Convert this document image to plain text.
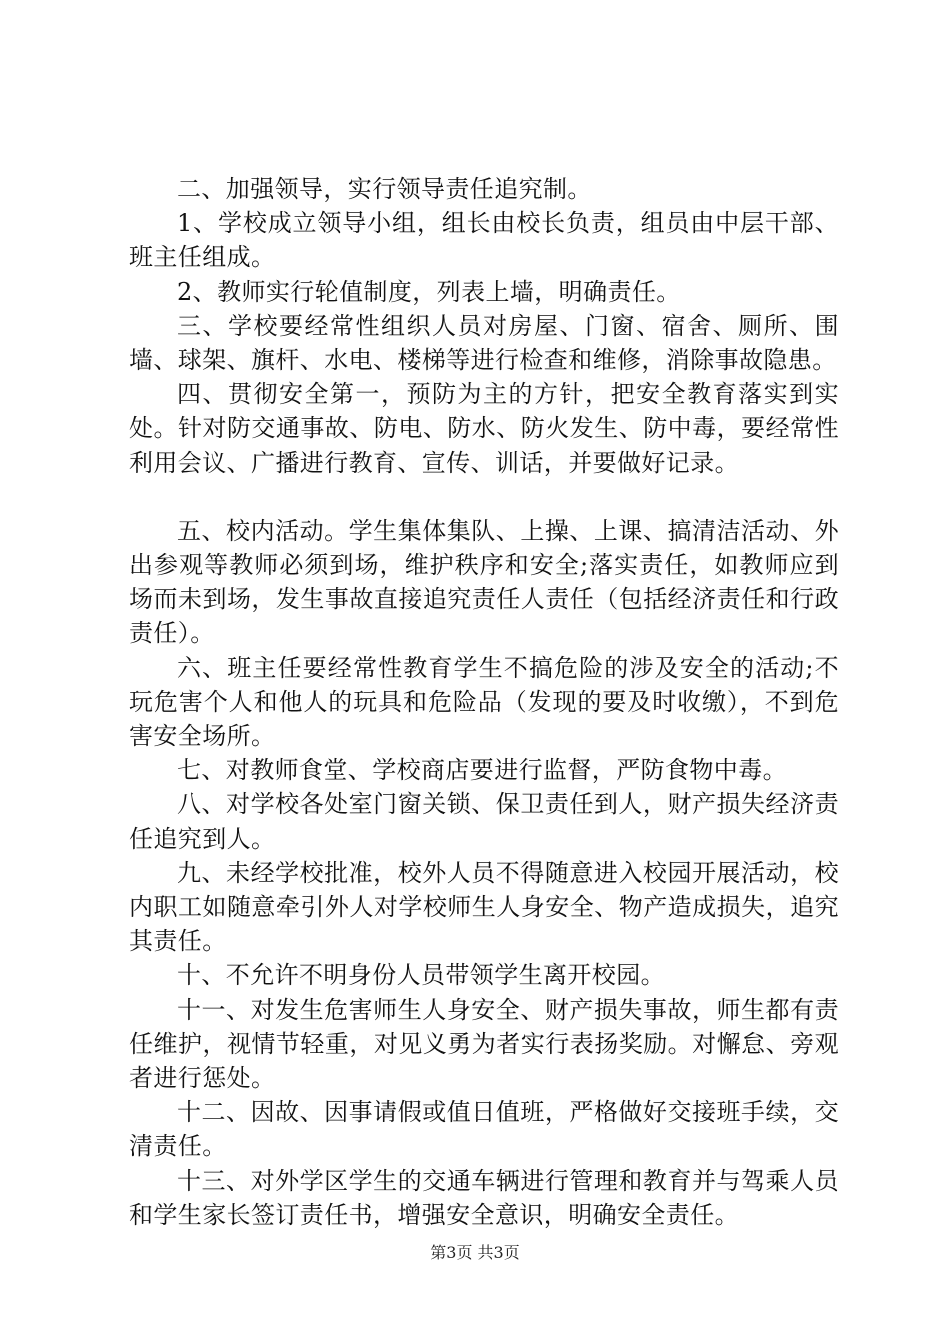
二、加强领导，实行领导责任追究制。

1、学校成立领导小组，组长由校长负责，组员由中层干部、班主任组成。

2、教师实行轮值制度，列表上墙，明确责任。

三、学校要经常性组织人员对房屋、门窗、宿舍、厕所、围墙、球架、旗杆、水电、楼梯等进行检查和维修，消除事故隐患。

四、贯彻安全第一，预防为主的方针，把安全教育落实到实处。针对防交通事故、防电、防水、防火发生、防中毒，要经常性利用会议、广播进行教育、宣传、训话，并要做好记录。

五、校内活动。学生集体集队、上操、上课、搞清洁活动、外出参观等教师必须到场，维护秩序和安全;落实责任，如教师应到场而未到场，发生事故直接追究责任人责任（包括经济责任和行政责任）。

六、班主任要经常性教育学生不搞危险的涉及安全的活动;不玩危害个人和他人的玩具和危险品（发现的要及时收缴），不到危害安全场所。

七、对教师食堂、学校商店要进行监督，严防食物中毒。

八、对学校各处室门窗关锁、保卫责任到人，财产损失经济责任追究到人。

九、未经学校批准，校外人员不得随意进入校园开展活动，校内职工如随意牵引外人对学校师生人身安全、物产造成损失，追究其责任。

十、不允许不明身份人员带领学生离开校园。

十一、对发生危害师生人身安全、财产损失事故，师生都有责任维护，视情节轻重，对见义勇为者实行表扬奖励。对懈怠、旁观者进行惩处。

十二、因故、因事请假或值日值班，严格做好交接班手续，交清责任。

十三、对外学区学生的交通车辆进行管理和教育并与驾乘人员和学生家长签订责任书，增强安全意识，明确安全责任。

第3页 共3页
